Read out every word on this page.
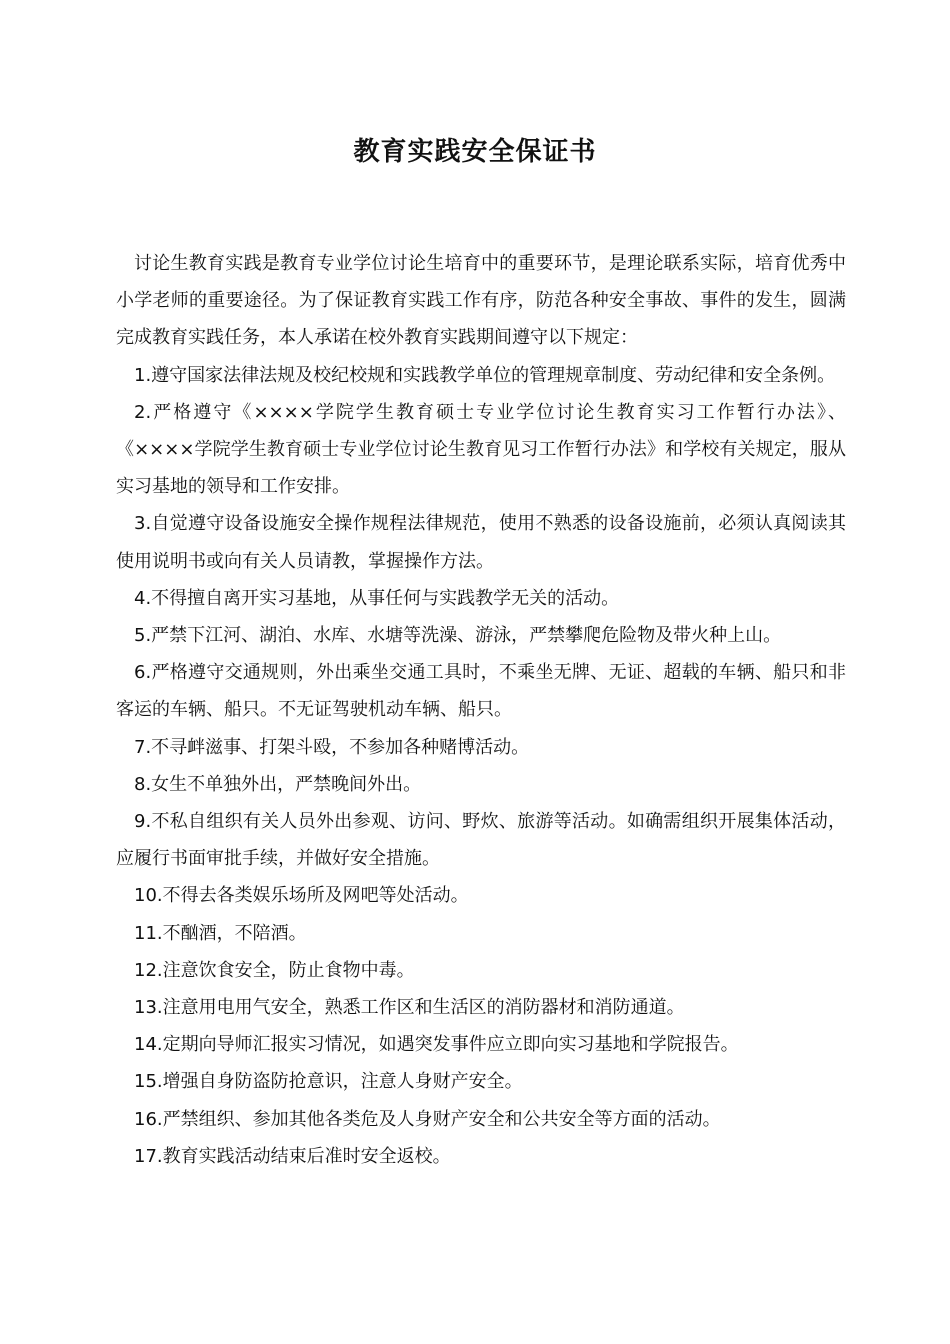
教育实践安全保证书

讨论生教育实践是教育专业学位讨论生培育中的重要环节，是理论联系实际，培育优秀中小学老师的重要途径。为了保证教育实践工作有序，防范各种安全事故、事件的发生，圆满完成教育实践任务，本人承诺在校外教育实践期间遵守以下规定：

1.遵守国家法律法规及校纪校规和实践教学单位的管理规章制度、劳动纪律和安全条例。

2.严格遵守《××××学院学生教育硕士专业学位讨论生教育实习工作暂行办法》、《××××学院学生教育硕士专业学位讨论生教育见习工作暂行办法》和学校有关规定，服从实习基地的领导和工作安排。

3.自觉遵守设备设施安全操作规程法律规范，使用不熟悉的设备设施前，必须认真阅读其使用说明书或向有关人员请教，掌握操作方法。

4.不得擅自离开实习基地，从事任何与实践教学无关的活动。

5.严禁下江河、湖泊、水库、水塘等洗澡、游泳，严禁攀爬危险物及带火种上山。

6.严格遵守交通规则，外出乘坐交通工具时，不乘坐无牌、无证、超载的车辆、船只和非客运的车辆、船只。不无证驾驶机动车辆、船只。

7.不寻衅滋事、打架斗殴，不参加各种赌博活动。

8.女生不单独外出，严禁晚间外出。

9.不私自组织有关人员外出参观、访问、野炊、旅游等活动。如确需组织开展集体活动，应履行书面审批手续，并做好安全措施。

10.不得去各类娱乐场所及网吧等处活动。

11.不酗酒，不陪酒。

12.注意饮食安全，防止食物中毒。

13.注意用电用气安全，熟悉工作区和生活区的消防器材和消防通道。

14.定期向导师汇报实习情况，如遇突发事件应立即向实习基地和学院报告。

15.增强自身防盗防抢意识，注意人身财产安全。

16.严禁组织、参加其他各类危及人身财产安全和公共安全等方面的活动。

17.教育实践活动结束后准时安全返校。
